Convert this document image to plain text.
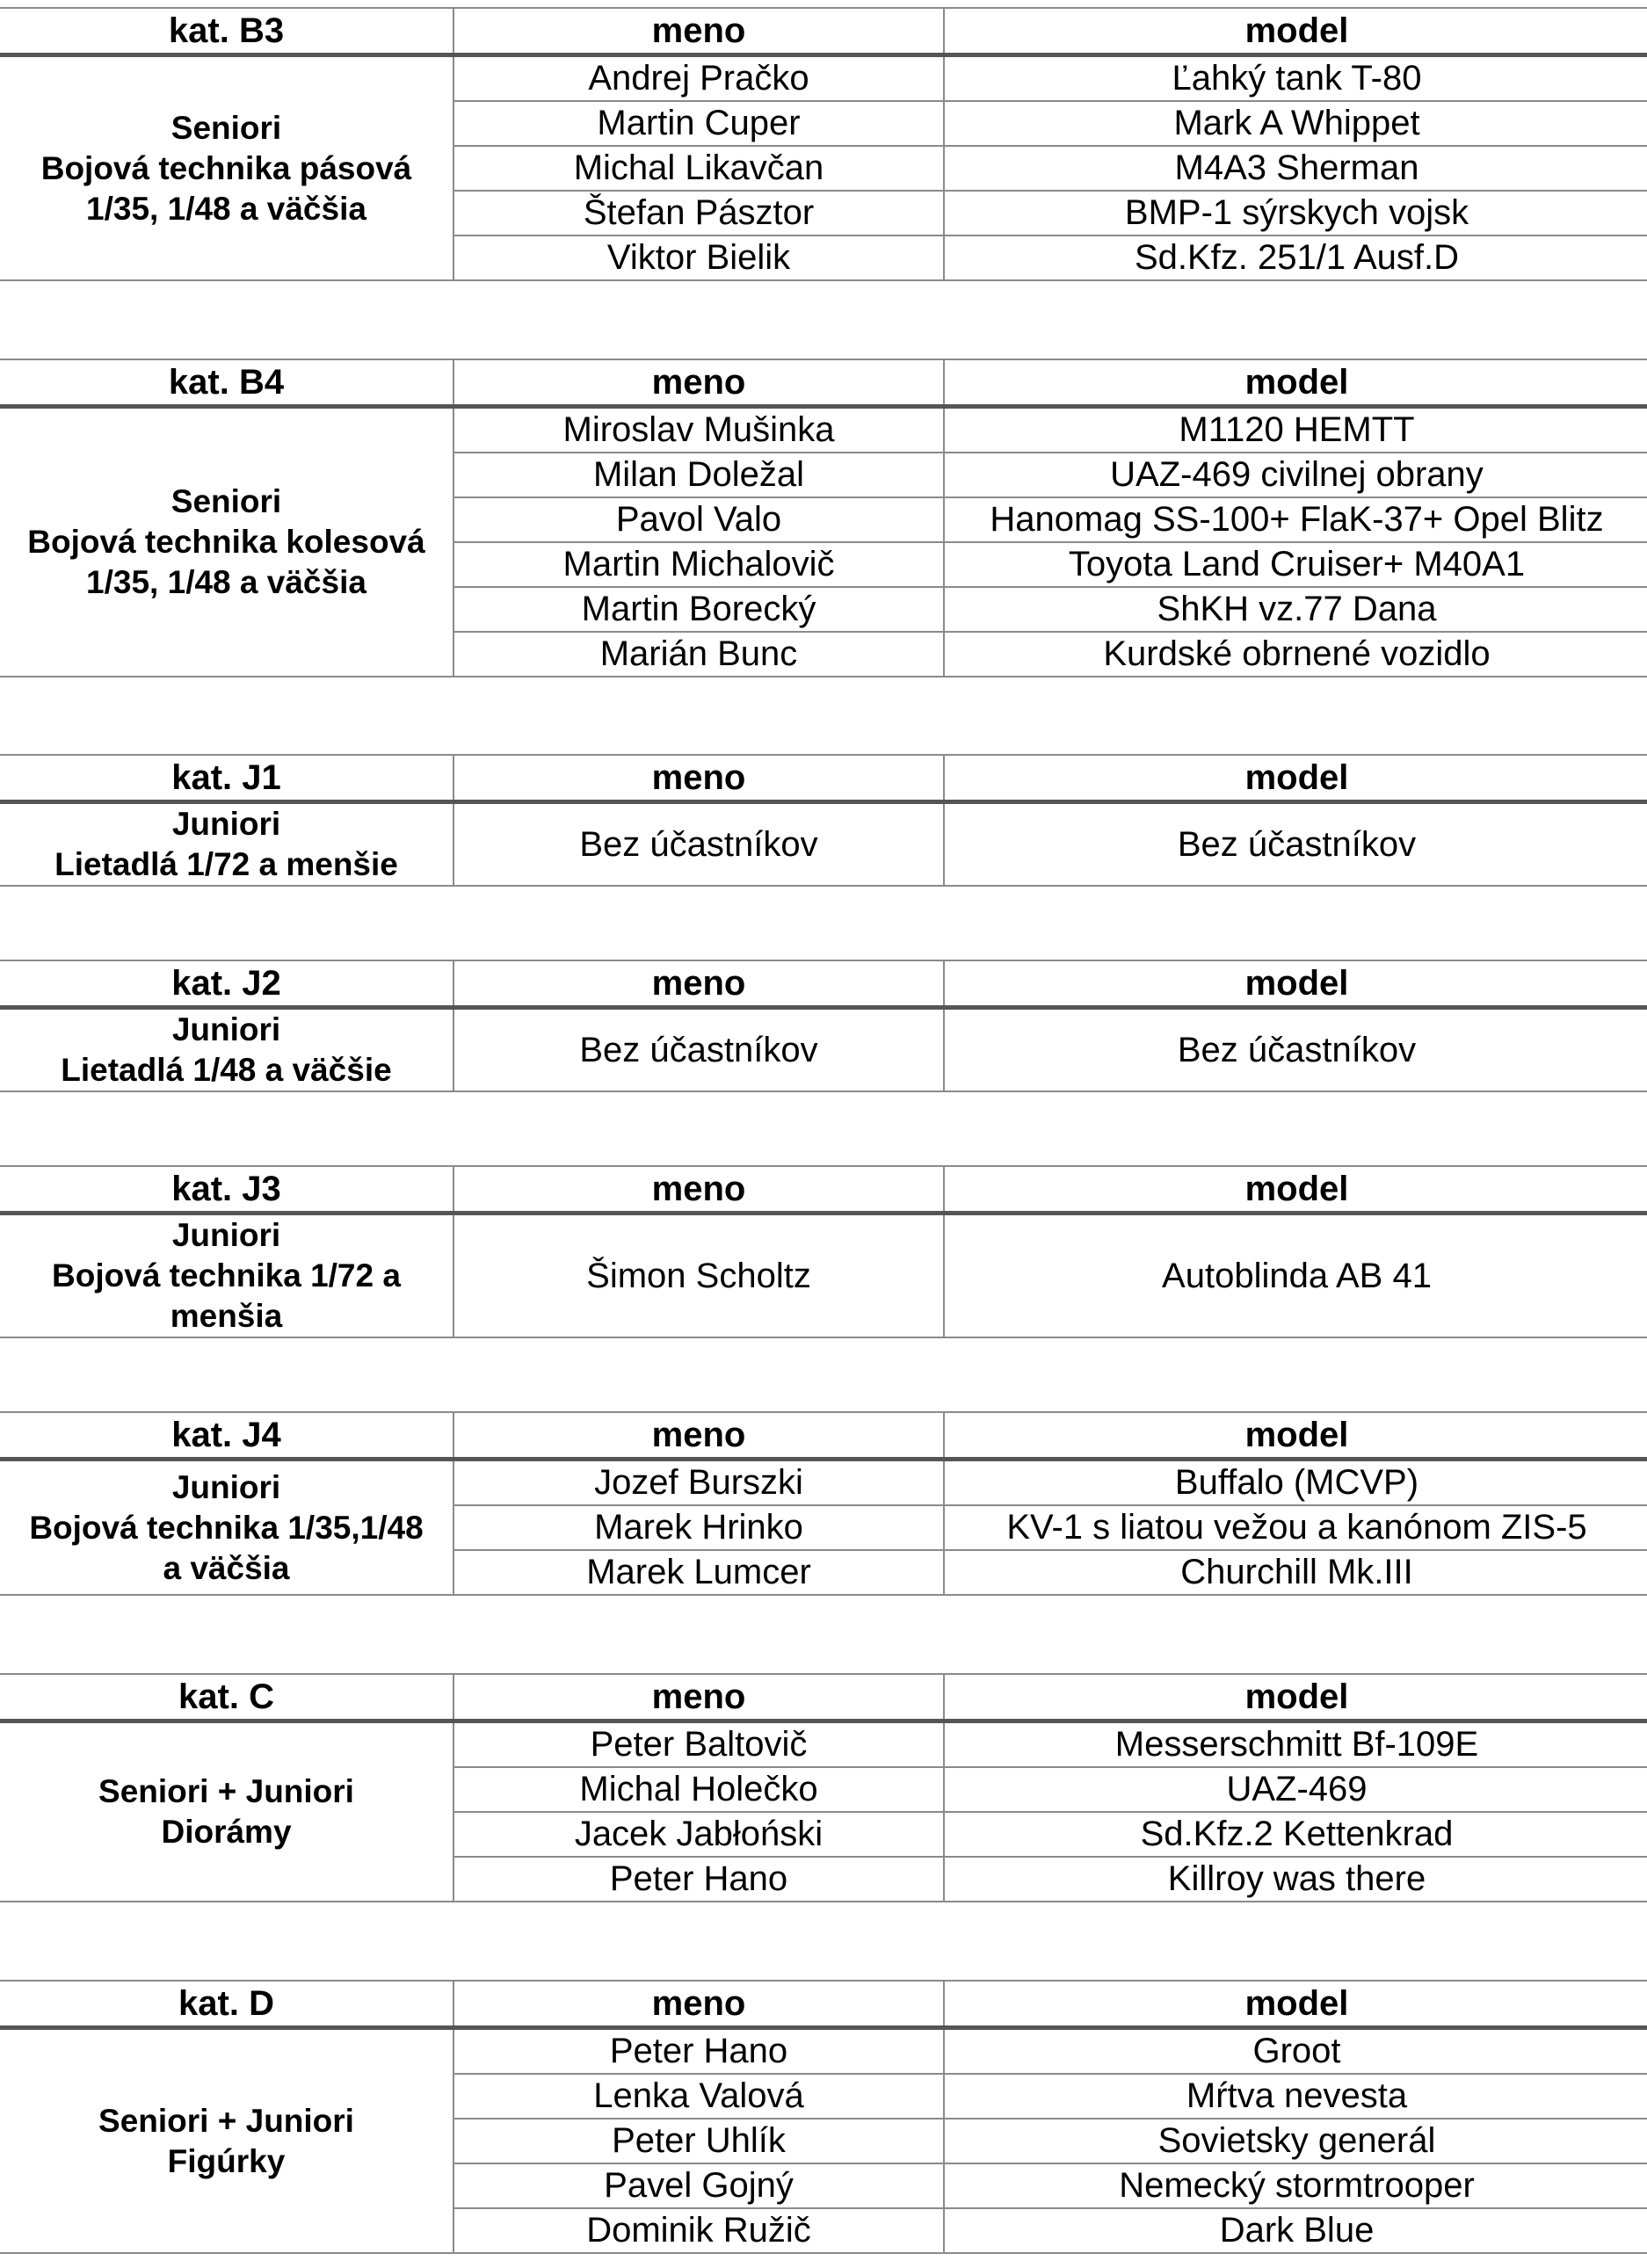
kat. B3	meno	model

Seniori
Bojová technika pásová
1/35, 1/48 a väčšia	Andrej Pračko	Ľahký tank T-80
	Martin Cuper	Mark A Whippet
	Michal Likavčan	M4A3 Sherman
	Štefan Pásztor	BMP-1 sýrskych vojsk
	Viktor Bielik	Sd.Kfz. 251/1 Ausf.D
kat. B4	meno	model

Seniori
Bojová technika kolesová
1/35, 1/48 a väčšia	Miroslav Mušinka	M1120 HEMTT
	Milan Doležal	UAZ-469 civilnej obrany
	Pavol Valo	Hanomag SS-100+ FlaK-37+ Opel Blitz
	Martin Michalovič	Toyota Land Cruiser+ M40A1
	Martin Borecký	ShKH vz.77 Dana
	Marián Bunc	Kurdské obrnené vozidlo
kat. J1	meno	model

Juniori
Lietadlá 1/72 a menšie	Bez účastníkov	Bez účastníkov
kat. J2	meno	model

Juniori
Lietadlá 1/48 a väčšie	Bez účastníkov	Bez účastníkov
kat. J3	meno	model

Juniori
Bojová technika 1/72 a
menšia	Šimon Scholtz	Autoblinda AB 41
kat. J4	meno	model

Juniori
Bojová technika 1/35,1/48
a väčšia	Jozef Burszki	Buffalo (MCVP)
	Marek Hrinko	KV-1 s liatou vežou a kanónom ZIS-5
	Marek Lumcer	Churchill Mk.III
kat. C	meno	model

Seniori + Juniori
Diorámy	Peter Baltovič	Messerschmitt Bf-109E
	Michal Holečko	UAZ-469
	Jacek Jabłoński	Sd.Kfz.2 Kettenkrad
	Peter Hano	Killroy was there
kat. D	meno	model

Seniori + Juniori
Figúrky	Peter Hano	Groot
	Lenka Valová	Mŕtva nevesta
	Peter Uhlík	Sovietsky generál
	Pavel Gojný	Nemecký stormtrooper
	Dominik Ružič	Dark Blue
